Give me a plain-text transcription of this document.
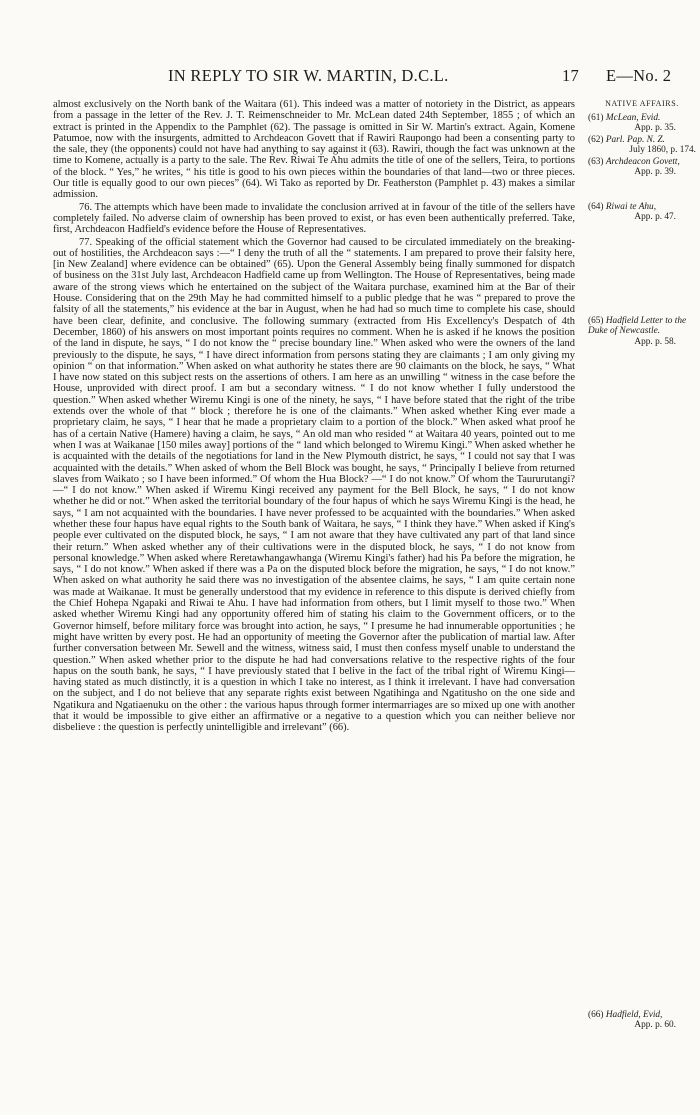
IN REPLY TO SIR W. MARTIN, D.C.L.	17 E—No. 2

almost exclusively on the North bank of the Waitara (61). This indeed was a matter of notoriety in the District, as appears from a passage in the letter of the Rev. J. T. Reimenschneider to Mr. McLean dated 24th September, 1855 ; of which an extract is printed in the Appendix to the Pamphlet (62). The passage is omitted in Sir W. Martin's extract. Again, Komene Patumoe, now with the insurgents, admitted to Archdeacon Govett that if Rawiri Raupongo had been a consenting party to the sale, they (the opponents) could not have had anything to say against it (63). Rawiri, though the fact was unknown at the time to Komene, actually is a party to the sale. The Rev. Riwai Te Ahu admits the title of one of the sellers, Teira, to portions of the block. “ Yes,” he writes, “ his title is good to his own pieces within the boundaries of that land—two or three pieces. Our title is equally good to our own pieces” (64). Wi Tako as reported by Dr. Featherston (Pamphlet p. 43) makes a similar admission.

76. The attempts which have been made to invalidate the conclusion arrived at in favour of the title of the sellers have completely failed. No adverse claim of ownership has been proved to exist, or has even been authentically preferred. Take, first, Archdeacon Hadfield's evidence before the House of Representatives.

77. Speaking of the official statement which the Governor had caused to be circulated immediately on the breaking-out of hostilities, the Archdeacon says :—“ I deny the truth of all the “ statements. I am prepared to prove their falsity here, [in New Zealand] where evidence can be obtained” (65). Upon the General Assembly being finally summoned for dispatch of business on the 31st July last, Archdeacon Hadfield came up from Wellington. The House of Representatives, being made aware of the strong views which he entertained on the subject of the Waitara purchase, examined him at the Bar of their House. Considering that on the 29th May he had committed himself to a public pledge that he was “ prepared to prove the falsity of all the statements,” his evidence at the bar in August, when he had had so much time to complete his case, should have been clear, definite, and conclusive. The following summary (extracted from His Excellency's Despatch of 4th December, 1860) of his answers on most important points requires no comment. When he is asked if he knows the position of the land in dispute, he says, “ I do not know the “ precise boundary line.” When asked who were the owners of the land previously to the dispute, he says, “ I have direct information from persons stating they are claimants ; I am only giving my opinion “ on that information.” When asked on what authority he states there are 90 claimants on the block, he says, “ What I have now stated on this subject rests on the assertions of others. I am here as an unwilling “ witness in the case before the House, unprovided with direct proof. I am but a secondary witness. “ I do not know whether I fully understood the question.” When asked whether Wiremu Kingi is one of the ninety, he says, “ I have before stated that the right of the tribe extends over the whole of that “ block ; therefore he is one of the claimants.” When asked whether King ever made a proprietary claim, he says, “ I hear that he made a proprietary claim to a portion of the block.” When asked what proof he has of a certain Native (Hamere) having a claim, he says, “ An old man who resided “ at Waitara 40 years, pointed out to me when I was at Waikanae [150 miles away] portions of the “ land which belonged to Wiremu Kingi.” When asked whether he is acquainted with the details of the negotiations for land in the New Plymouth district, he says, “ I could not say that I was acquainted with the details.” When asked of whom the Bell Block was bought, he says, “ Principally I believe from returned slaves from Waikato ; so I have been informed.” Of whom the Hua Block? —“ I do not know.” Of whom the Taururutangi?—“ I do not know.” When asked if Wiremu Kingi received any payment for the Bell Block, he says, “ I do not know whether he did or not.” When asked the territorial boundary of the four hapus of which he says Wiremu Kingi is the head, he says, “ I am not acquainted with the boundaries. I have never professed to be acquainted with the boundaries.” When asked whether these four hapus have equal rights to the South bank of Waitara, he says, “ I think they have.” When asked if King's people ever cultivated on the disputed block, he says, “ I am not aware that they have cultivated any part of that land since their return.” When asked whether any of their cultivations were in the disputed block, he says, “ I do not know from personal knowledge.” When asked where Reretawhangawhanga (Wiremu Kingi's father) had his Pa before the migration, he says, “ I do not know.” When asked if there was a Pa on the disputed block before the migration, he says, “ I do not know.” When asked on what authority he said there was no investigation of the absentee claims, he says, “ I am quite certain none was made at Waikanae. It must be generally understood that my evidence in reference to this dispute is derived chiefly from the Chief Hohepa Ngapaki and Riwai te Ahu. I have had information from others, but I limit myself to those two.” When asked whether Wiremu Kingi had any opportunity offered him of stating his claim to the Government officers, or to the Governor himself, before military force was brought into action, he says, “ I presume he had innumerable opportunities ; he might have written by every post. He had an opportunity of meeting the Governor after the publication of martial law. After further conversation between Mr. Sewell and the witness, witness said, I must then confess myself unable to understand the question.” When asked whether prior to the dispute he had had conversations relative to the respective rights of the four hapus on the south bank, he says, “ I have previously stated that I belive in the fact of the tribal right of Wiremu Kingi—having stated as much distinctly, it is a question in which I take no interest, as I think it irrelevant. I have had conversation on the subject, and I do not believe that any separate rights exist between Ngatihinga and Ngatitusho on the one side and Ngatikura and Ngatiaenuku on the other : the various hapus through former intermarriages are so mixed up one with another that it would be impossible to give either an affirmative or a negative to a question which you can neither believe nor disbelieve : the question is perfectly unintelligible and irrelevant” (66).

NATIVE AFFAIRS.
(61) McLean, Evid.
App. p. 35.
(62) Parl. Pap. N. Z.
July 1860, p. 174.
(63) Archdeacon Govett,
App. p. 39.
(64) Riwai te Ahu,
App. p. 47.
(65) Hadfield Letter to the Duke of Newcastle.
App. p. 58.
(66) Hadfield, Evid,
App. p. 60.
